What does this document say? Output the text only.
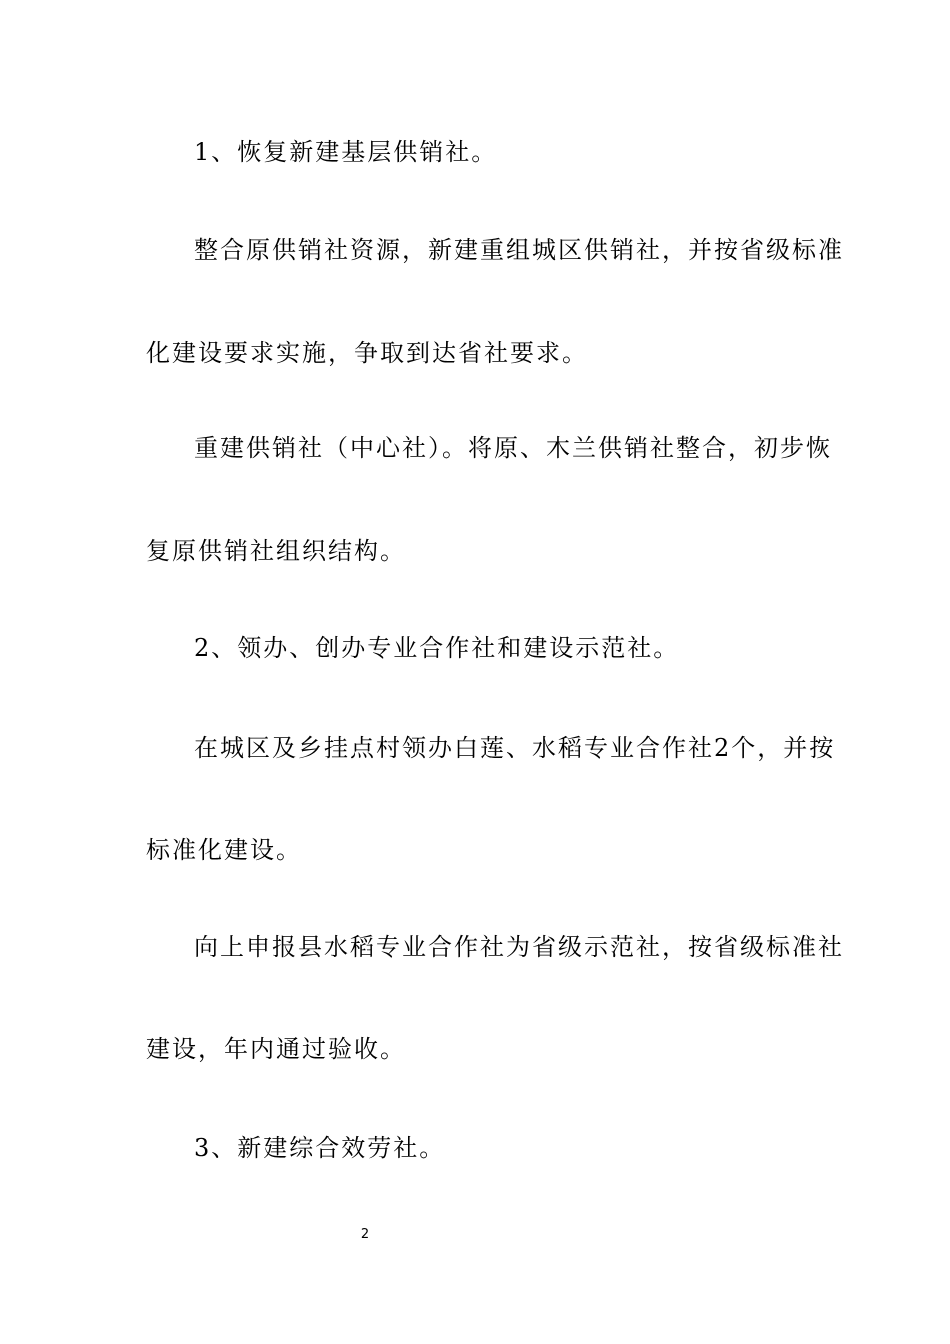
1、恢复新建基层供销社。
整合原供销社资源，新建重组城区供销社，并按省级标准
化建设要求实施，争取到达省社要求。
重建供销社（中心社）。将原、木兰供销社整合，初步恢
复原供销社组织结构。
2、领办、创办专业合作社和建设示范社。
在城区及乡挂点村领办白莲、水稻专业合作社2个，并按
标准化建设。
向上申报县水稻专业合作社为省级示范社，按省级标准社
建设，年内通过验收。
3、新建综合效劳社。
2
